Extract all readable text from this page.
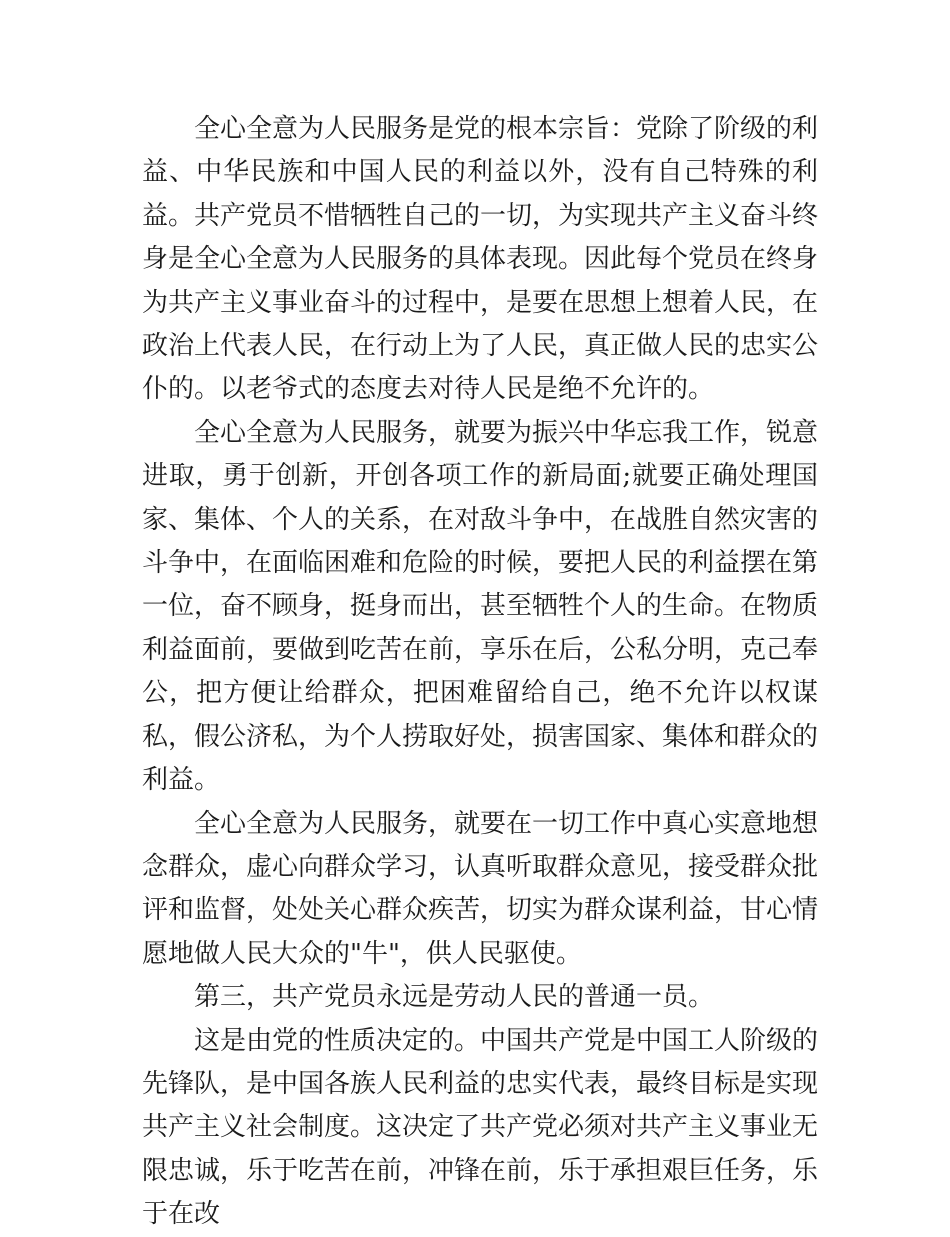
全心全意为人民服务是党的根本宗旨：党除了阶级的利益、中华民族和中国人民的利益以外，没有自己特殊的利益。共产党员不惜牺牲自己的一切，为实现共产主义奋斗终身是全心全意为人民服务的具体表现。因此每个党员在终身为共产主义事业奋斗的过程中，是要在思想上想着人民，在政治上代表人民，在行动上为了人民，真正做人民的忠实公仆的。以老爷式的态度去对待人民是绝不允许的。

全心全意为人民服务，就要为振兴中华忘我工作，锐意进取，勇于创新，开创各项工作的新局面;就要正确处理国家、集体、个人的关系，在对敌斗争中，在战胜自然灾害的斗争中，在面临困难和危险的时候，要把人民的利益摆在第一位，奋不顾身，挺身而出，甚至牺牲个人的生命。在物质利益面前，要做到吃苦在前，享乐在后，公私分明，克己奉公，把方便让给群众，把困难留给自己，绝不允许以权谋私，假公济私，为个人捞取好处，损害国家、集体和群众的利益。

全心全意为人民服务，就要在一切工作中真心实意地想念群众，虚心向群众学习，认真听取群众意见，接受群众批评和监督，处处关心群众疾苦，切实为群众谋利益，甘心情愿地做人民大众的"牛"，供人民驱使。

第三，共产党员永远是劳动人民的普通一员。

这是由党的性质决定的。中国共产党是中国工人阶级的先锋队，是中国各族人民利益的忠实代表，最终目标是实现共产主义社会制度。这决定了共产党必须对共产主义事业无限忠诚，乐于吃苦在前，冲锋在前，乐于承担艰巨任务，乐于在改
